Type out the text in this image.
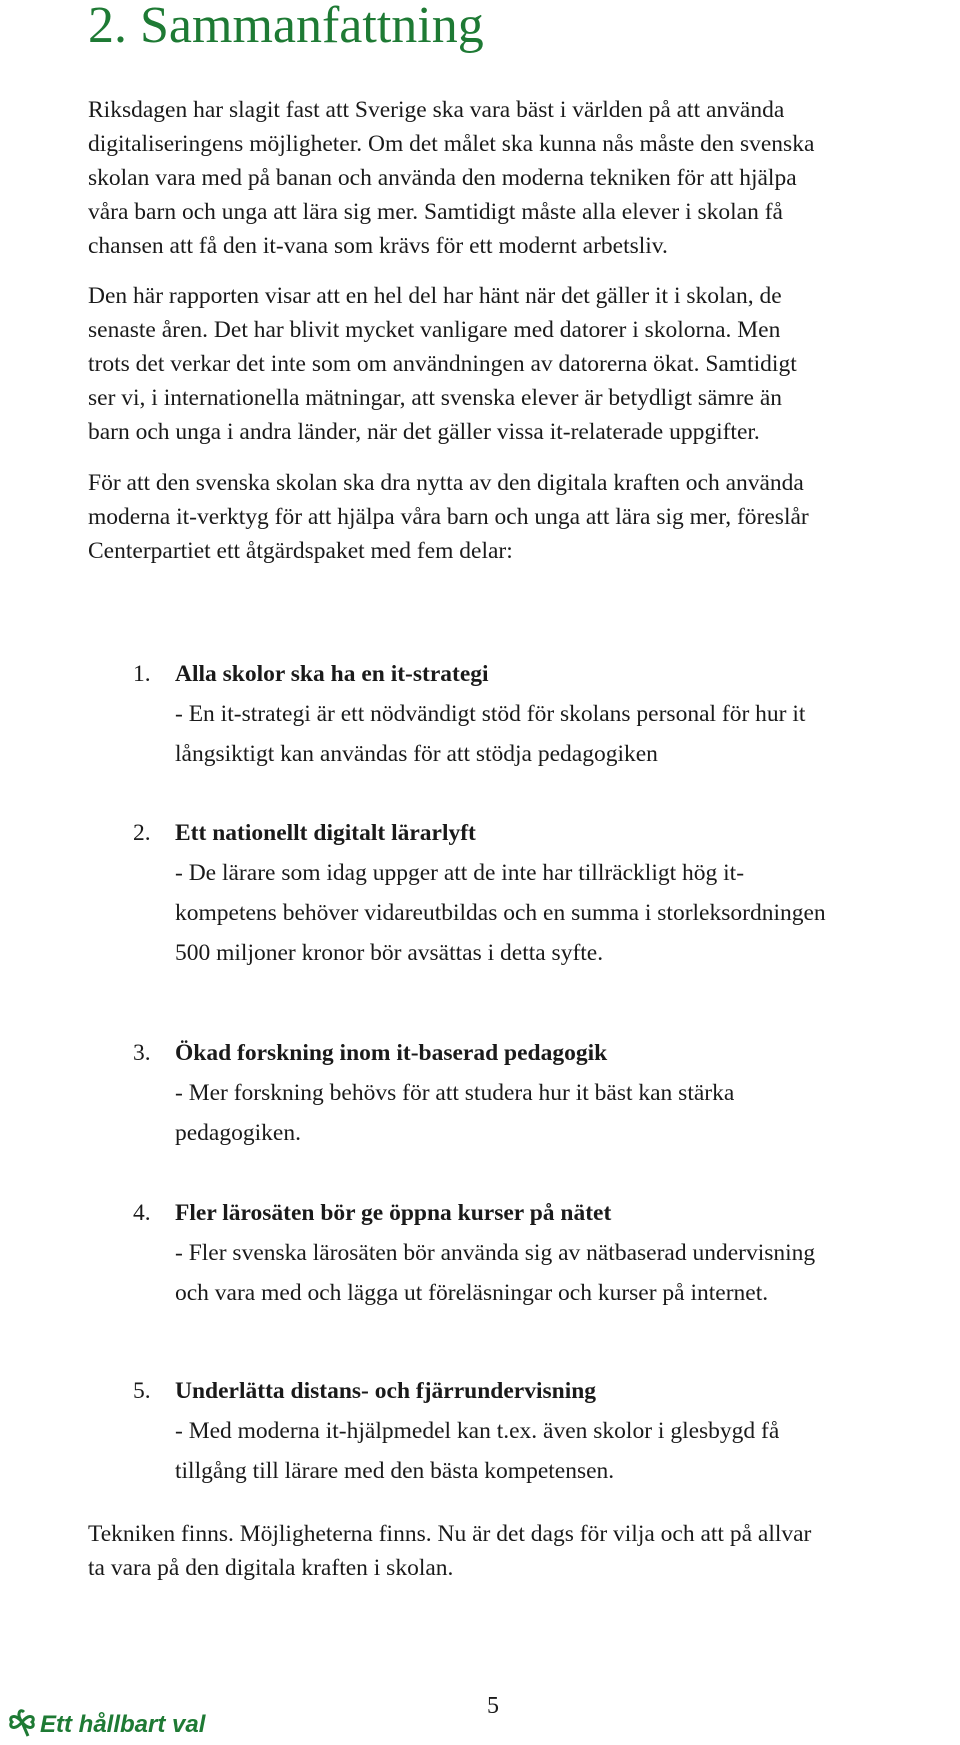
2. Sammanfattning

Riksdagen har slagit fast att Sverige ska vara bäst i världen på att använda
digitaliseringens möjligheter. Om det målet ska kunna nås måste den svenska
skolan vara med på banan och använda den moderna tekniken för att hjälpa
våra barn och unga att lära sig mer. Samtidigt måste alla elever i skolan få
chansen att få den it-vana som krävs för ett modernt arbetsliv.

Den här rapporten visar att en hel del har hänt när det gäller it i skolan, de
senaste åren. Det har blivit mycket vanligare med datorer i skolorna. Men
trots det verkar det inte som om användningen av datorerna ökat. Samtidigt
ser vi, i internationella mätningar, att svenska elever är betydligt sämre än
barn och unga i andra länder, när det gäller vissa it-relaterade uppgifter.

För att den svenska skolan ska dra nytta av den digitala kraften och använda
moderna it-verktyg för att hjälpa våra barn och unga att lära sig mer, föreslår
Centerpartiet ett åtgärdspaket med fem delar:

1. Alla skolor ska ha en it-strategi
- En it-strategi är ett nödvändigt stöd för skolans personal för hur it
långsiktigt kan användas för att stödja pedagogiken

2. Ett nationellt digitalt lärarlyft
- De lärare som idag uppger att de inte har tillräckligt hög it-
kompetens behöver vidareutbildas och en summa i storleksordningen
500 miljoner kronor bör avsättas i detta syfte.

3. Ökad forskning inom it-baserad pedagogik
- Mer forskning behövs för att studera hur it bäst kan stärka
pedagogiken.

4. Fler lärosäten bör ge öppna kurser på nätet
- Fler svenska lärosäten bör använda sig av nätbaserad undervisning
och vara med och lägga ut föreläsningar och kurser på internet.

5. Underlätta distans- och fjärrundervisning
- Med moderna it-hjälpmedel kan t.ex. även skolor i glesbygd få
tillgång till lärare med den bästa kompetensen.

Tekniken finns. Möjligheterna finns. Nu är det dags för vilja och att på allvar
ta vara på den digitala kraften i skolan.

Ett hållbart val

5
